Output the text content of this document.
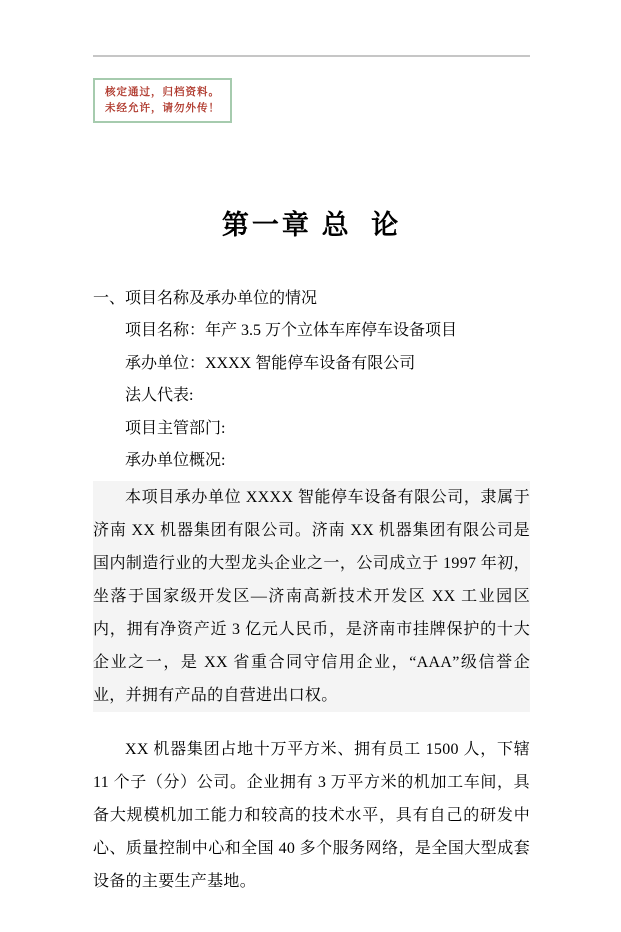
核定通过，归档资料。
未经允许，请勿外传！
第一章 总  论
一、项目名称及承办单位的情况
项目名称：年产 3.5 万个立体车库停车设备项目
承办单位：XXXX 智能停车设备有限公司
法人代表:
项目主管部门:
承办单位概况:

本项目承办单位 XXXX 智能停车设备有限公司，隶属于济南 XX 机器集团有限公司。济南 XX 机器集团有限公司是国内制造行业的大型龙头企业之一，公司成立于 1997 年初，坐落于国家级开发区—济南高新技术开发区 XX 工业园区内，拥有净资产近 3 亿元人民币，是济南市挂牌保护的十大企业之一，是 XX 省重合同守信用企业，“AAA”级信誉企业，并拥有产品的自营进出口权。

XX 机器集团占地十万平方米、拥有员工 1500 人，下辖 11 个子（分）公司。企业拥有 3 万平方米的机加工车间，具备大规模机加工能力和较高的技术水平，具有自己的研发中心、质量控制中心和全国 40 多个服务网络，是全国大型成套设备的主要生产基地。
